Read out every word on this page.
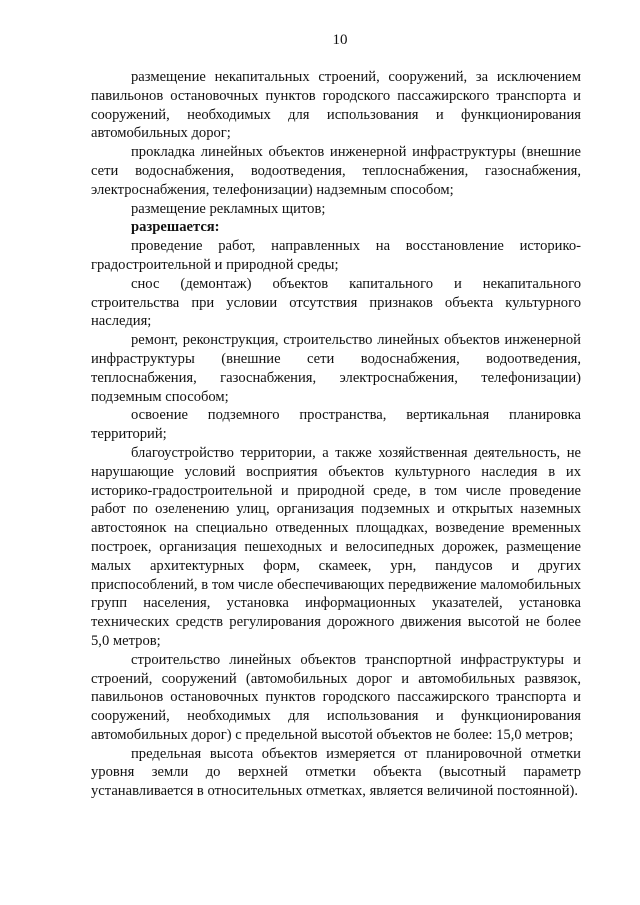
10

размещение некапитальных строений, сооружений, за исключением павильонов остановочных пунктов городского пассажирского транспорта и сооружений, необходимых для использования и функционирования автомобильных дорог;

прокладка линейных объектов инженерной инфраструктуры (внешние сети водоснабжения, водоотведения, теплоснабжения, газоснабжения, электроснабжения, телефонизации) надземным способом;

размещение рекламных щитов;

разрешается:

проведение работ, направленных на восстановление историко-градостроительной и природной среды;

снос (демонтаж) объектов капитального и некапитального строительства при условии отсутствия признаков объекта культурного наследия;

ремонт, реконструкция, строительство линейных объектов инженерной инфраструктуры (внешние сети водоснабжения, водоотведения, теплоснабжения, газоснабжения, электроснабжения, телефонизации) подземным способом;

освоение подземного пространства, вертикальная планировка территорий;

благоустройство территории, а также хозяйственная деятельность, не нарушающие условий восприятия объектов культурного наследия в их историко-градостроительной и природной среде, в том числе проведение работ по озеленению улиц, организация подземных и открытых наземных автостоянок на специально отведенных площадках, возведение временных построек, организация пешеходных и велосипедных дорожек, размещение малых архитектурных форм, скамеек, урн, пандусов и других приспособлений, в том числе обеспечивающих передвижение маломобильных групп населения, установка информационных указателей, установка технических средств регулирования дорожного движения высотой не более 5,0 метров;

строительство линейных объектов транспортной инфраструктуры и строений, сооружений (автомобильных дорог и автомобильных развязок, павильонов остановочных пунктов городского пассажирского транспорта и сооружений, необходимых для использования и функционирования автомобильных дорог) с предельной высотой объектов не более: 15,0 метров;

предельная высота объектов измеряется от планировочной отметки уровня земли до верхней отметки объекта (высотный параметр устанавливается в относительных отметках, является величиной постоянной).
